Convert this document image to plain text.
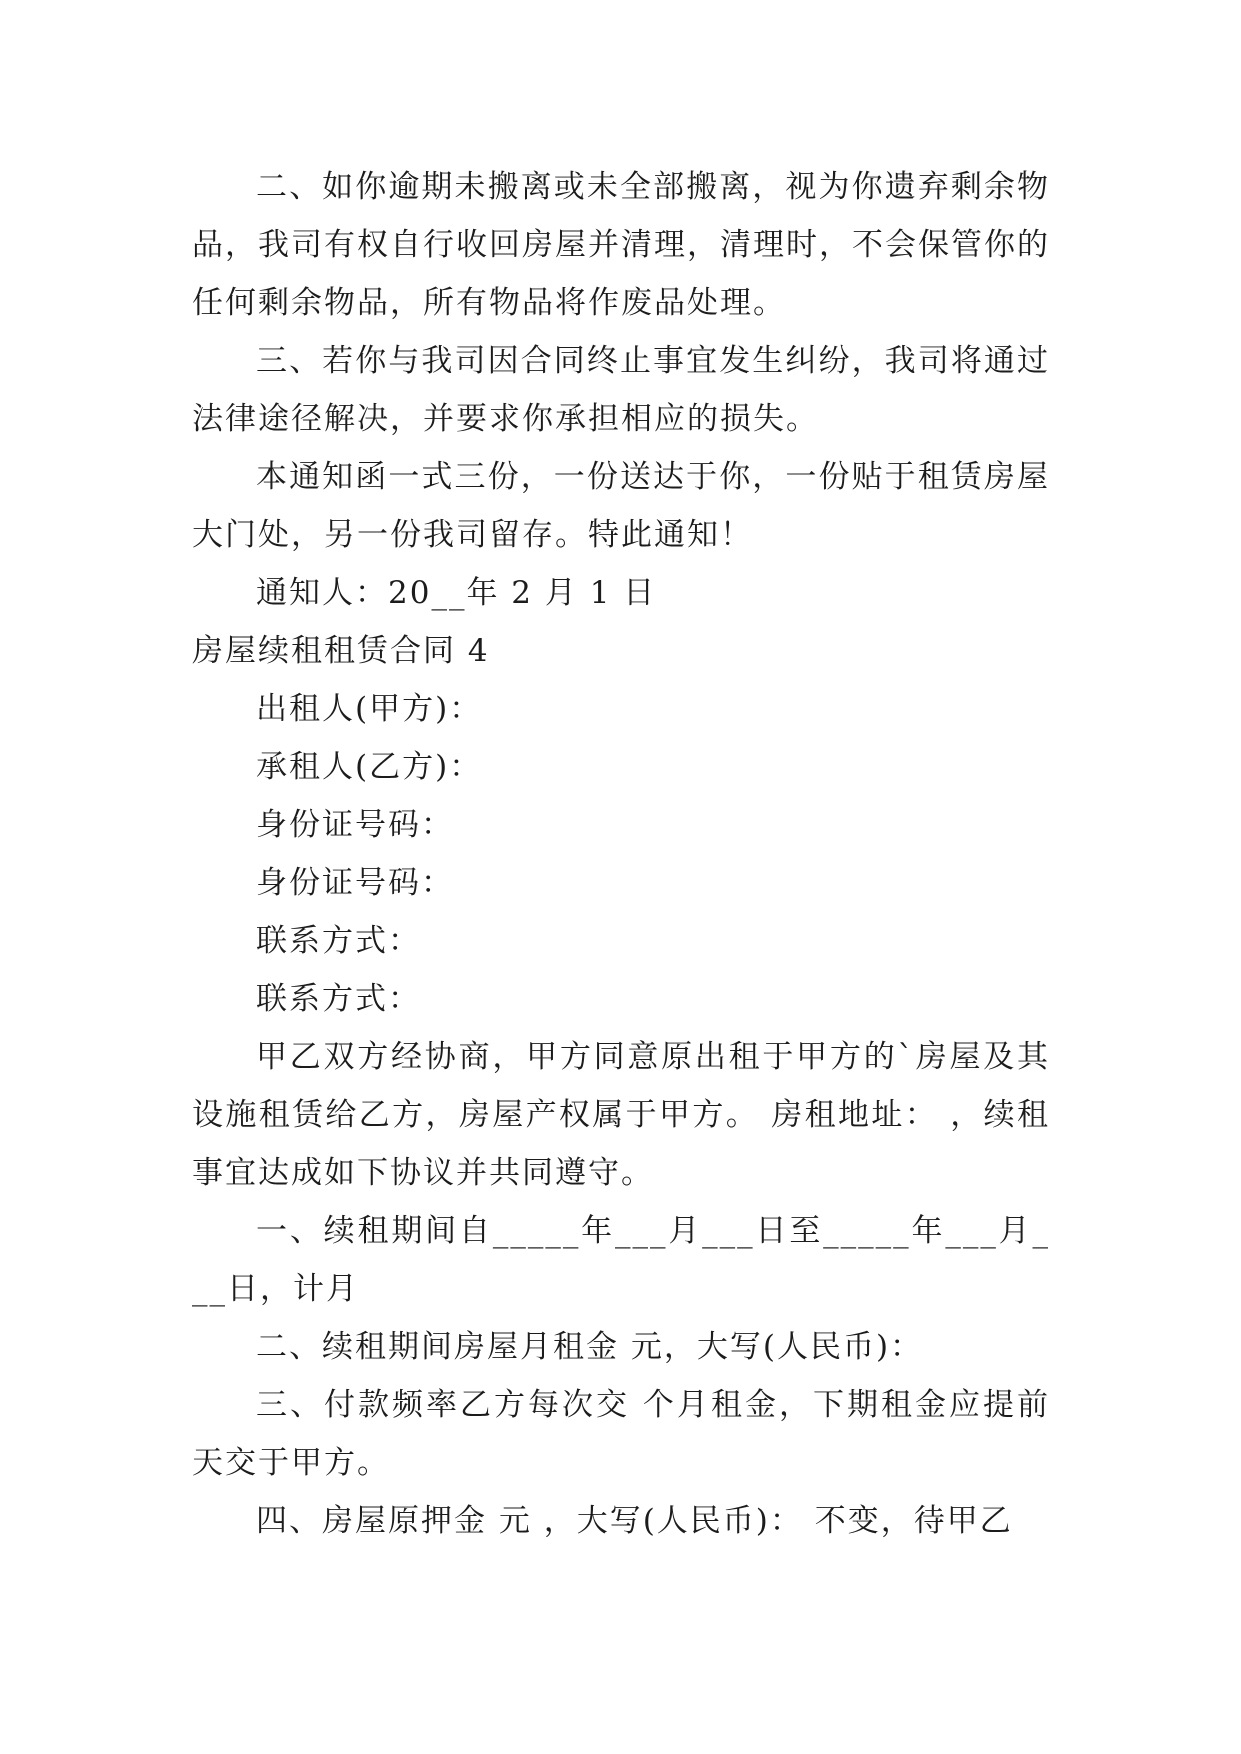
二、如你逾期未搬离或未全部搬离，视为你遗弃剩余物品，我司有权自行收回房屋并清理，清理时，不会保管你的任何剩余物品，所有物品将作废品处理。

三、若你与我司因合同终止事宜发生纠纷，我司将通过法律途径解决，并要求你承担相应的损失。

本通知函一式三份，一份送达于你，一份贴于租赁房屋大门处，另一份我司留存。特此通知！

通知人：20__年 2 月 1 日

房屋续租租赁合同 4

出租人(甲方)：

承租人(乙方)：

身份证号码：

身份证号码：

联系方式：

联系方式：

甲乙双方经协商，甲方同意原出租于甲方的`房屋及其设施租赁给乙方，房屋产权属于甲方。 房租地址： ，续租事宜达成如下协议并共同遵守。

一、续租期间自_____年___月___日至_____年___月___日，计月

二、续租期间房屋月租金 元，大写(人民币)：

三、付款频率乙方每次交 个月租金，下期租金应提前天交于甲方。

四、房屋原押金 元 ，大写(人民币)： 不变，待甲乙
